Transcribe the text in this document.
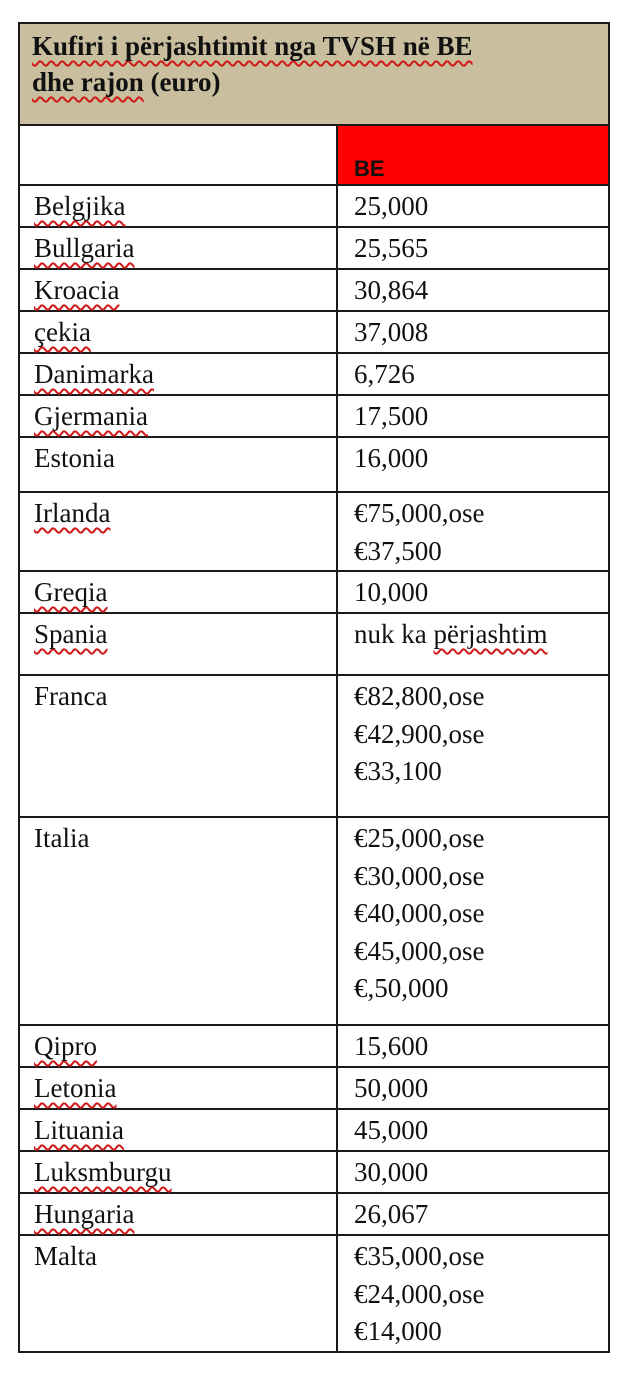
Kufiri i përjashtimit nga TVSH në BE
dhe rajon (euro)	

	BE

Belgjika	25,000

Bullgaria	25,565

Kroacia	30,864

çekia	37,008

Danimarka	6,726

Gjermania	17,500

Estonia	16,000

Irlanda	€75,000,ose
€37,500

Greqia	10,000

Spania	nuk ka përjashtim

Franca	€82,800,ose
€42,900,ose
€33,100

Italia	€25,000,ose
€30,000,ose
€40,000,ose
€45,000,ose
€,50,000

Qipro	15,600

Letonia	50,000

Lituania	45,000

Luksmburgu	30,000

Hungaria	26,067

Malta	€35,000,ose
€24,000,ose
€14,000
